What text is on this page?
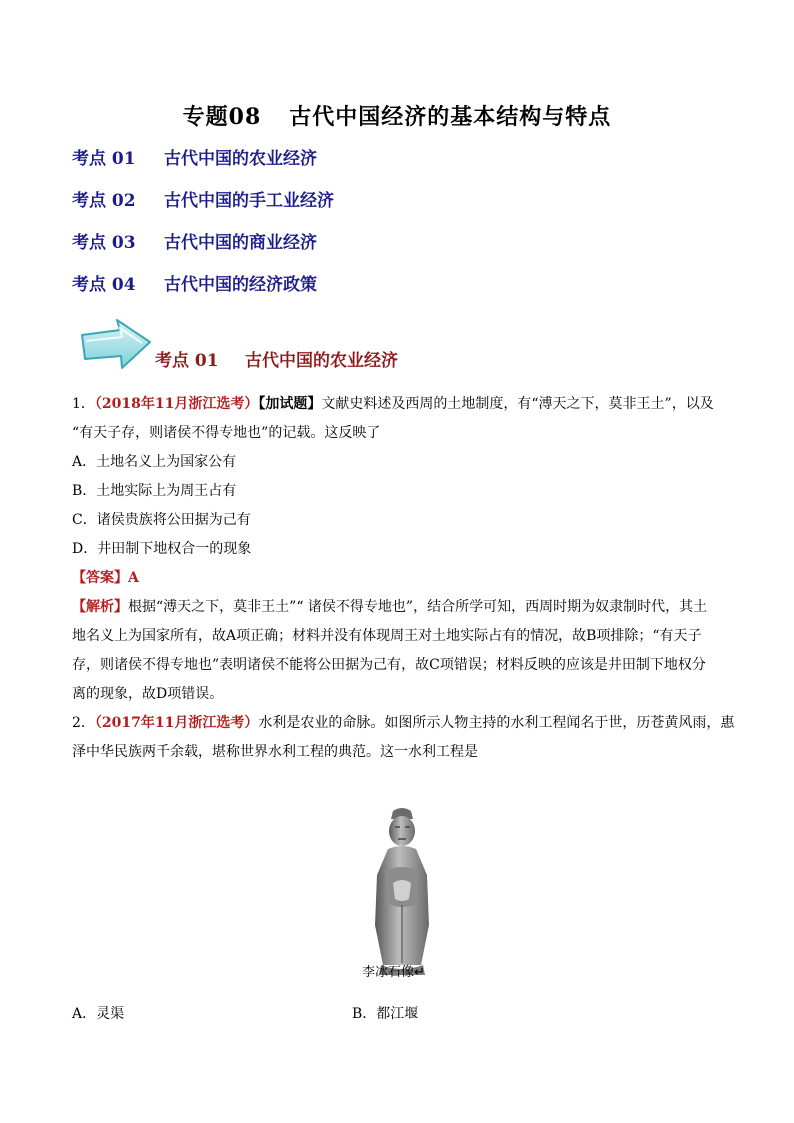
专题08 古代中国经济的基本结构与特点
考点 01 古代中国的农业经济
考点 02 古代中国的手工业经济
考点 03 古代中国的商业经济
考点 04 古代中国的经济政策
考点 01 古代中国的农业经济
1．（2018年11月浙江选考）【加试题】文献史料述及西周的土地制度，有“溥天之下，莫非王土”，以及
“有天子存，则诸侯不得专地也”的记载。这反映了
A．土地名义上为国家公有
B．土地实际上为周王占有
C．诸侯贵族将公田据为己有
D．井田制下地权合一的现象
【答案】A
【解析】根据“溥天之下，莫非王土”“ 诸侯不得专地也”，结合所学可知，西周时期为奴隶制时代，其土
地名义上为国家所有，故A项正确；材料并没有体现周王对土地实际占有的情况，故B项排除；“有天子
存，则诸侯不得专地也”表明诸侯不能将公田据为己有，故C项错误；材料反映的应该是井田制下地权分
离的现象，故D项错误。
2．（2017年11月浙江选考）水利是农业的命脉。如图所示人物主持的水利工程闻名于世，历苍黄风雨，惠
泽中华民族两千余载，堪称世界水利工程的典范。这一水利工程是
李冰石像↵
A．灵渠	B．都江堰
